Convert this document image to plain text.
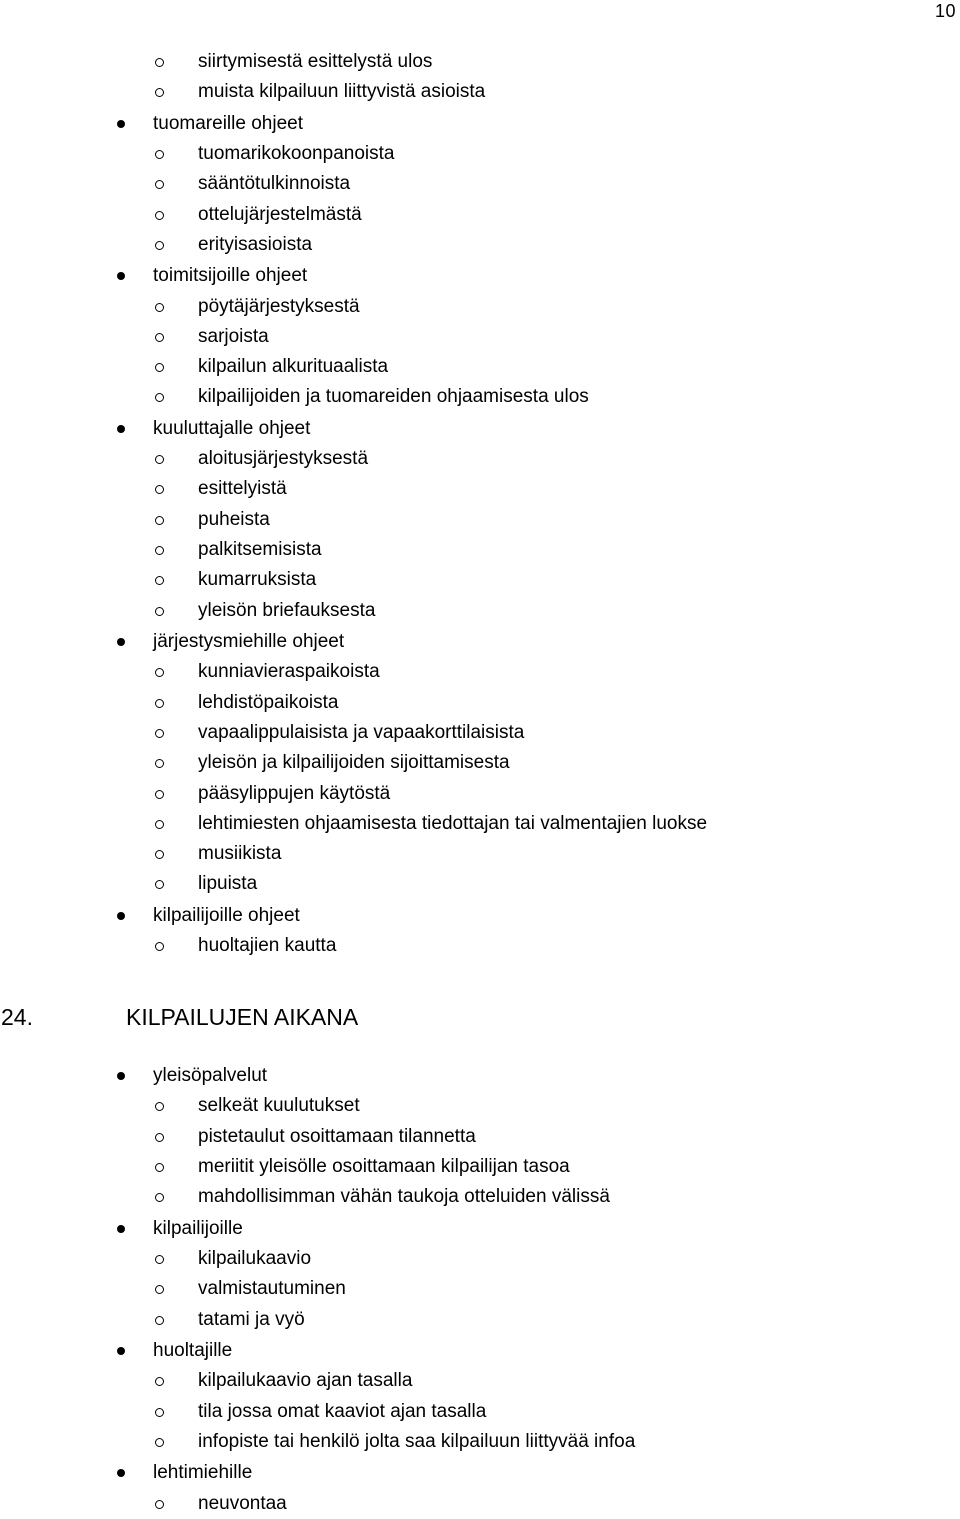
10
siirtymisestä esittelystä ulos
muista kilpailuun liittyvistä asioista
tuomareille ohjeet
tuomarikokoonpanoista
sääntötulkinnoista
ottelujärjestelmästä
erityisasioista
toimitsijoille ohjeet
pöytäjärjestyksestä
sarjoista
kilpailun alkurituaalista
kilpailijoiden ja tuomareiden ohjaamisesta ulos
kuuluttajalle ohjeet
aloitusjärjestyksestä
esittelyistä
puheista
palkitsemisista
kumarruksista
yleisön briefauksesta
järjestysmiehille ohjeet
kunniavieraspaikoista
lehdistöpaikoista
vapaalippulaisista ja vapaakorttilaisista
yleisön ja kilpailijoiden sijoittamisesta
pääsylippujen käytöstä
lehtimiesten ohjaamisesta tiedottajan tai valmentajien luokse
musiikista
lipuista
kilpailijoille ohjeet
huoltajien kautta
24.	KILPAILUJEN AIKANA
yleisöpalvelut
selkeät kuulutukset
pistetaulut osoittamaan tilannetta
meriitit yleisölle osoittamaan kilpailijan tasoa
mahdollisimman vähän taukoja otteluiden välissä
kilpailijoille
kilpailukaavio
valmistautuminen
tatami ja vyö
huoltajille
kilpailukaavio ajan tasalla
tila jossa omat kaaviot ajan tasalla
infopiste tai henkilö jolta saa kilpailuun liittyvää infoa
lehtimiehille
neuvontaa
